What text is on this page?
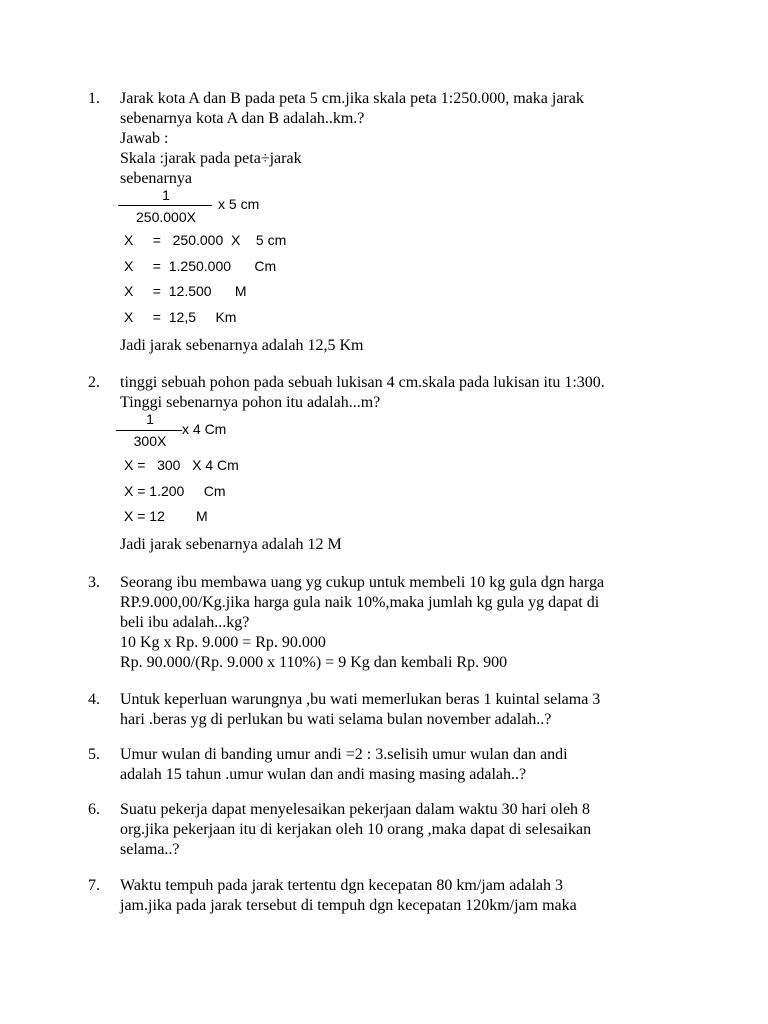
1.	Jarak kota A dan B pada peta 5 cm.jika skala peta 1:250.000, maka jarak
sebenarnya kota A dan B adalah..km.?
Jawab :
Skala :jarak pada peta÷jarak
sebenarnya
1
250.000X
x 5 cm
X     =   250.000  X    5 cm
X     =  1.250.000      Cm
X     =  12.500      M
X     =  12,5     Km
Jadi jarak sebenarnya adalah 12,5 Km
2.	tinggi sebuah pohon pada sebuah lukisan 4 cm.skala pada lukisan itu 1:300.
Tinggi sebenarnya pohon itu adalah...m?
1
300X
x 4 Cm
X =   300   X 4 Cm
X = 1.200     Cm
X = 12        M
Jadi jarak sebenarnya adalah 12 M
3.	Seorang ibu membawa uang yg cukup untuk membeli 10 kg gula dgn harga
RP.9.000,00/Kg.jika harga gula naik 10%,maka jumlah kg gula yg dapat di
beli ibu adalah...kg?
10 Kg x Rp. 9.000 = Rp. 90.000
Rp. 90.000/(Rp. 9.000 x 110%) = 9 Kg dan kembali Rp. 900
4.	Untuk keperluan warungnya ,bu wati memerlukan beras 1 kuintal selama 3
hari .beras yg di perlukan bu wati selama bulan november adalah..?
5.	Umur wulan di banding umur andi =2 : 3.selisih umur wulan dan andi
adalah 15 tahun .umur wulan dan andi masing masing adalah..?
6.	Suatu pekerja dapat menyelesaikan pekerjaan dalam waktu 30 hari oleh 8
org.jika pekerjaan itu di kerjakan oleh 10 orang ,maka dapat di selesaikan
selama..?
7.	Waktu tempuh pada jarak tertentu dgn kecepatan 80 km/jam adalah 3
jam.jika pada jarak tersebut di tempuh dgn kecepatan 120km/jam maka
